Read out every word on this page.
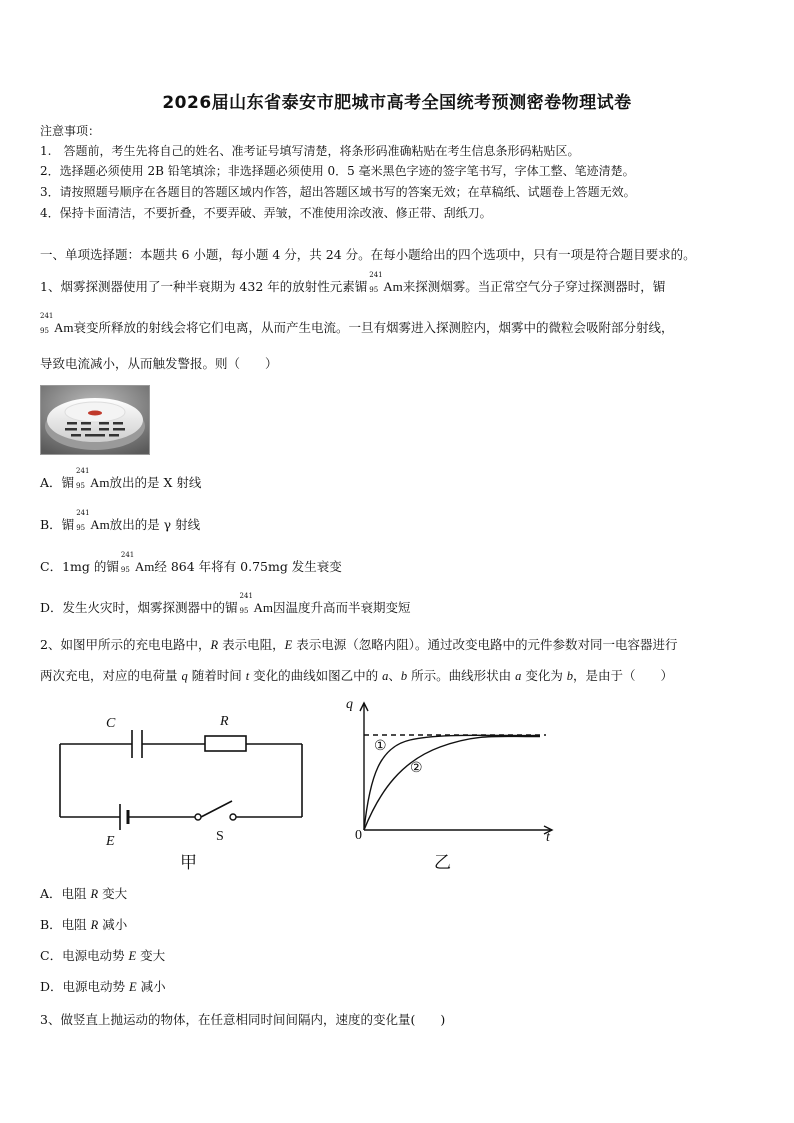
2026届山东省泰安市肥城市高考全国统考预测密卷物理试卷
注意事项：
1.　答题前，考生先将自己的姓名、准考证号填写清楚，将条形码准确粘贴在考生信息条形码粘贴区。
2．选择题必须使用 2B 铅笔填涂；非选择题必须使用 0．5 毫米黑色字迹的签字笔书写，字体工整、笔迹清楚。
3．请按照题号顺序在各题目的答题区域内作答，超出答题区域书写的答案无效；在草稿纸、试题卷上答题无效。
4．保持卡面清洁，不要折叠，不要弄破、弄皱，不准使用涂改液、修正带、刮纸刀。
一、单项选择题：本题共 6 小题，每小题 4 分，共 24 分。在每小题给出的四个选项中，只有一项是符合题目要求的。
1、烟雾探测器使用了一种半衰期为 432 年的放射性元素镅
241
95 Am来探测烟雾。当正常空气分子穿过探测器时，镅
241
95 Am衰变所释放的射线会将它们电离，从而产生电流。一旦有烟雾进入探测腔内，烟雾中的微粒会吸附部分射线，
导致电流减小，从而触发警报。则（　　）
A．镅
241
95 Am放出的是 X 射线
B．镅
241
95 Am放出的是 γ 射线
C．1mg 的镅
241
95 Am经 864 年将有 0.75mg 发生衰变
D．发生火灾时，烟雾探测器中的镅
241
95 Am因温度升高而半衰期变短
2、如图甲所示的充电电路中，R 表示电阻，E 表示电源（忽略内阻）。通过改变电路中的元件参数对同一电容器进行
两次充电，对应的电荷量 q 随着时间 t 变化的曲线如图乙中的 a、b 所示。曲线形状由 a 变化为 b，是由于（　　）
C	R
E	S
甲
q
t
0
①
②
乙
A．电阻 R 变大
B．电阻 R 减小
C．电源电动势 E 变大
D．电源电动势 E 减小
3、做竖直上抛运动的物体，在任意相同时间间隔内，速度的变化量(　　)
